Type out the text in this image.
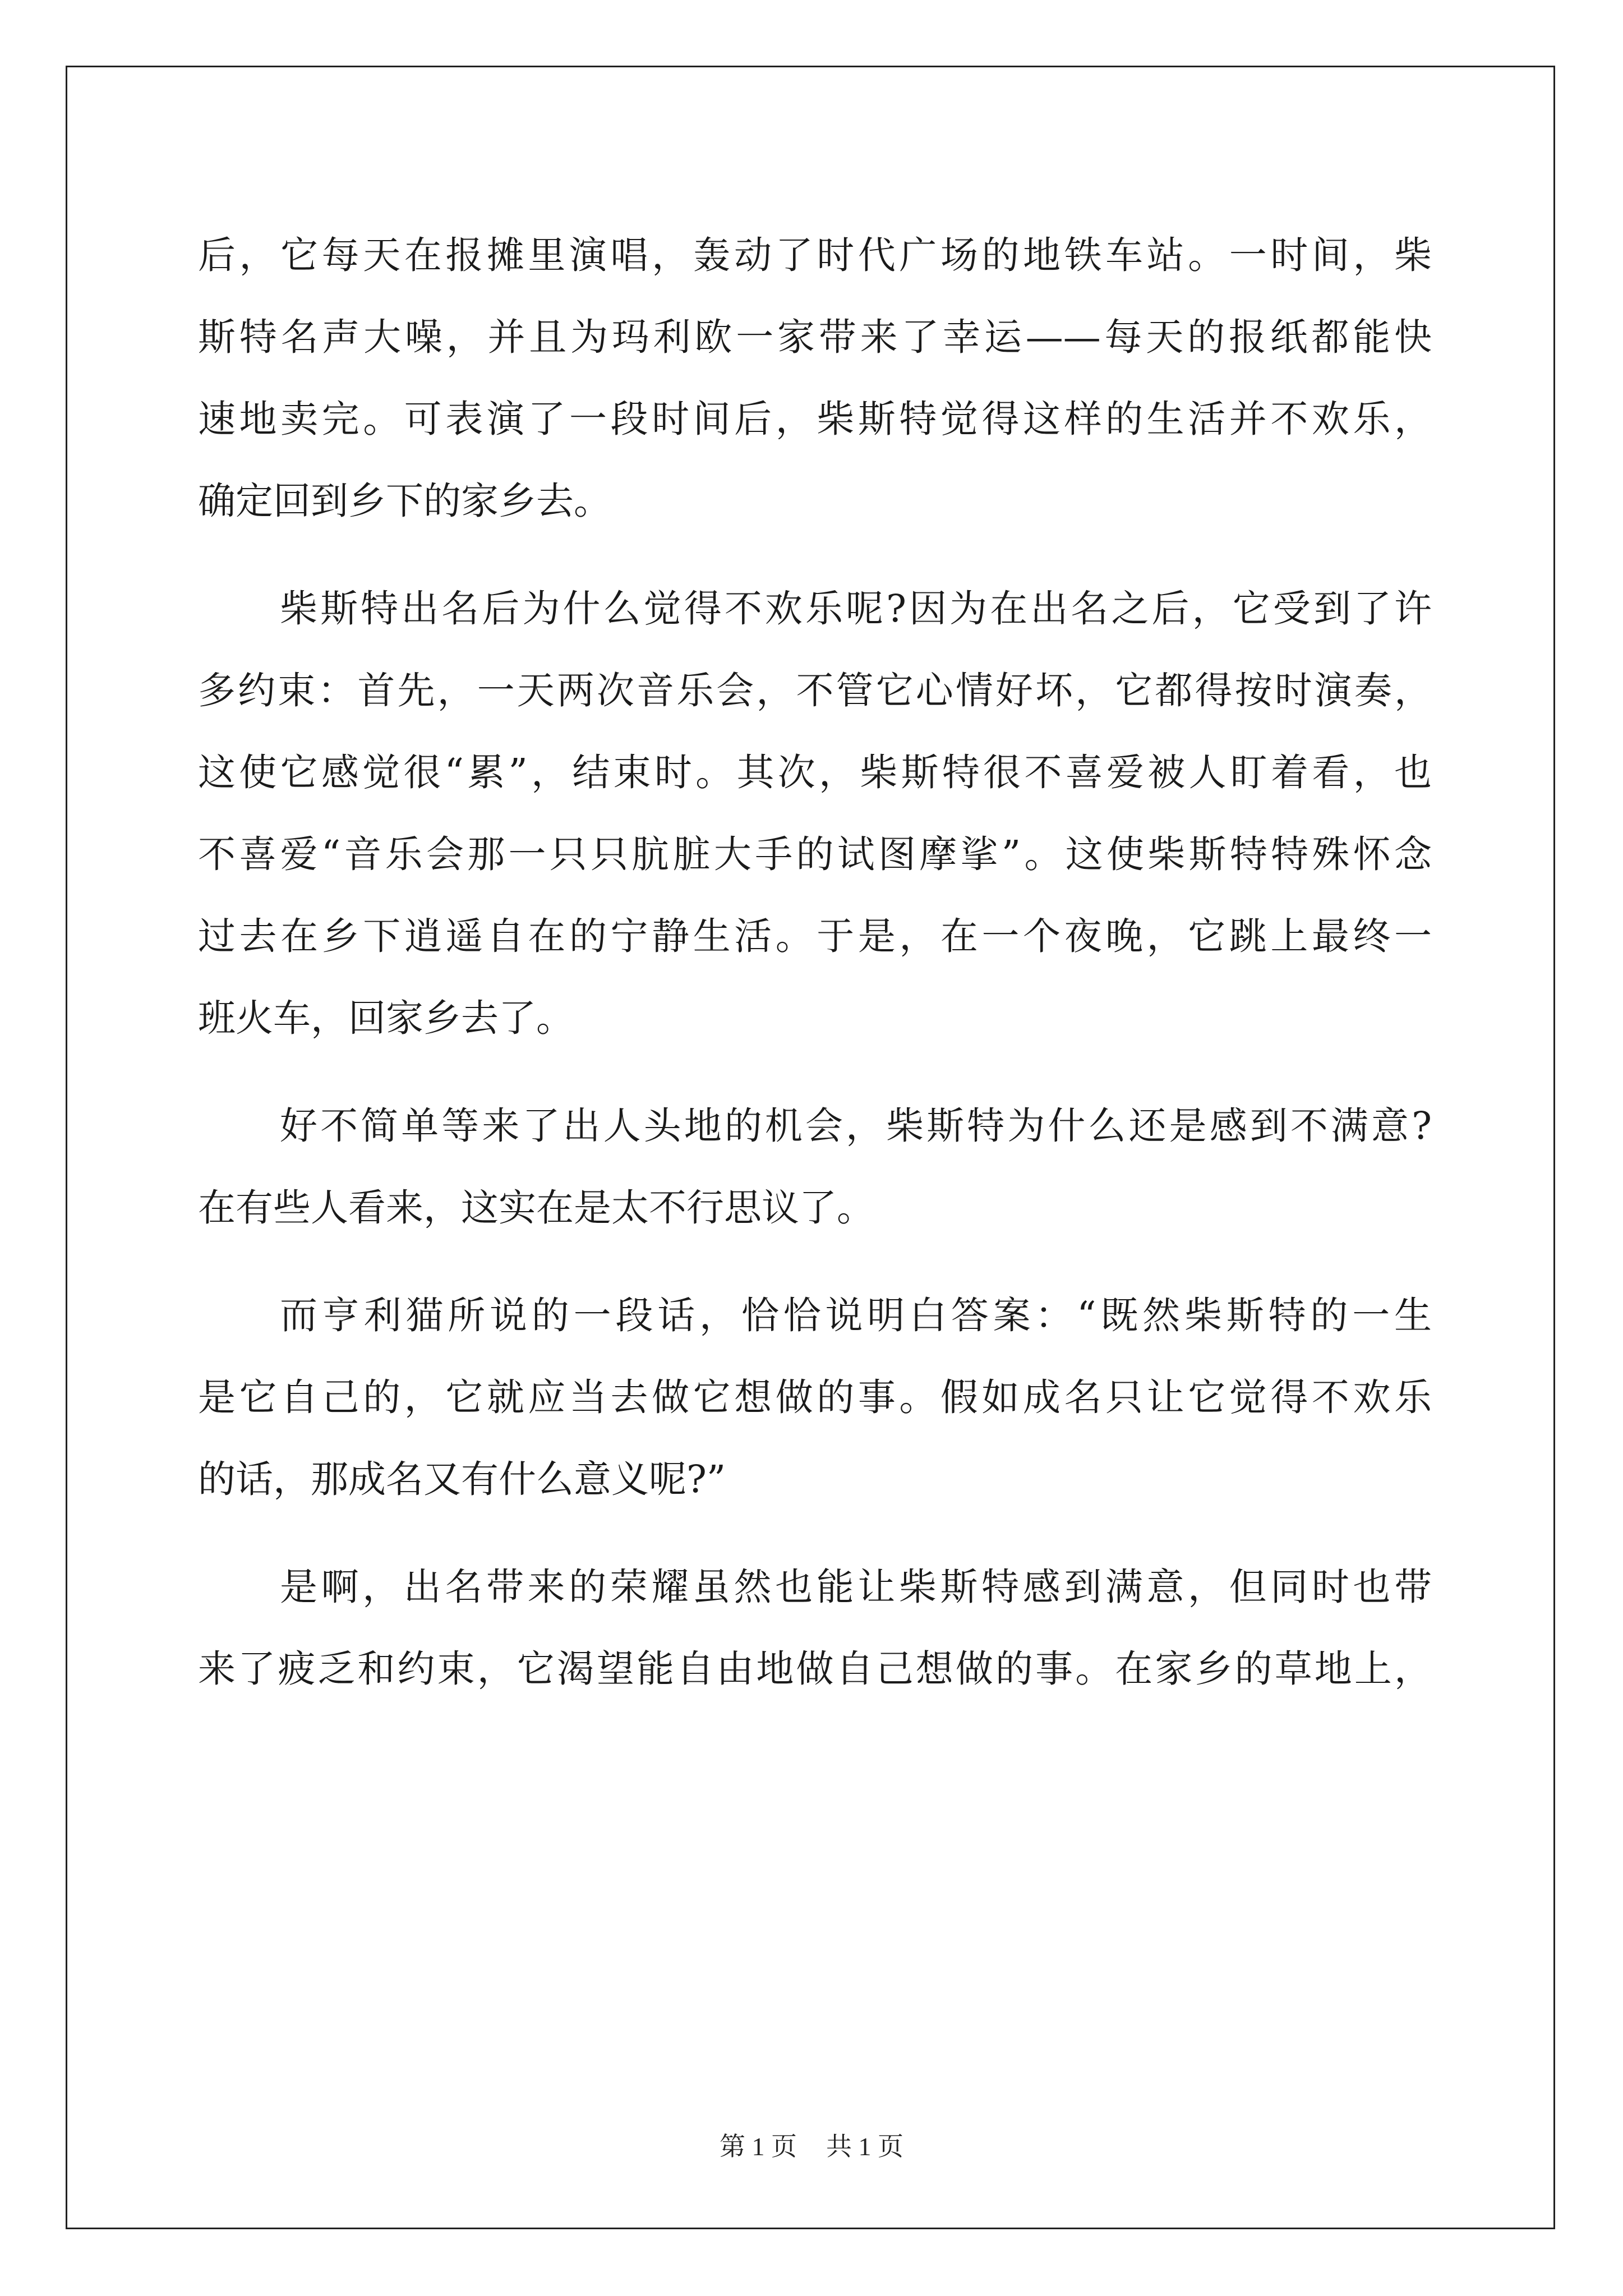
后，它每天在报摊里演唱，轰动了时代广场的地铁车站。一时间，柴
斯特名声大噪，并且为玛利欧一家带来了幸运——每天的报纸都能快
速地卖完。可表演了一段时间后，柴斯特觉得这样的生活并不欢乐，
确定回到乡下的家乡去。
柴斯特出名后为什么觉得不欢乐呢?因为在出名之后，它受到了许
多约束：首先，一天两次音乐会，不管它心情好坏，它都得按时演奏，
这使它感觉很“累”，结束时。其次，柴斯特很不喜爱被人盯着看，也
不喜爱“音乐会那一只只肮脏大手的试图摩挲”。这使柴斯特特殊怀念
过去在乡下逍遥自在的宁静生活。于是，在一个夜晚，它跳上最终一
班火车，回家乡去了。
好不简单等来了出人头地的机会，柴斯特为什么还是感到不满意?
在有些人看来，这实在是太不行思议了。
而亨利猫所说的一段话，恰恰说明白答案：“既然柴斯特的一生
是它自己的，它就应当去做它想做的事。假如成名只让它觉得不欢乐
的话，那成名又有什么意义呢?”
是啊，出名带来的荣耀虽然也能让柴斯特感到满意，但同时也带
来了疲乏和约束，它渴望能自由地做自己想做的事。在家乡的草地上，
第 1 页 共 1 页
